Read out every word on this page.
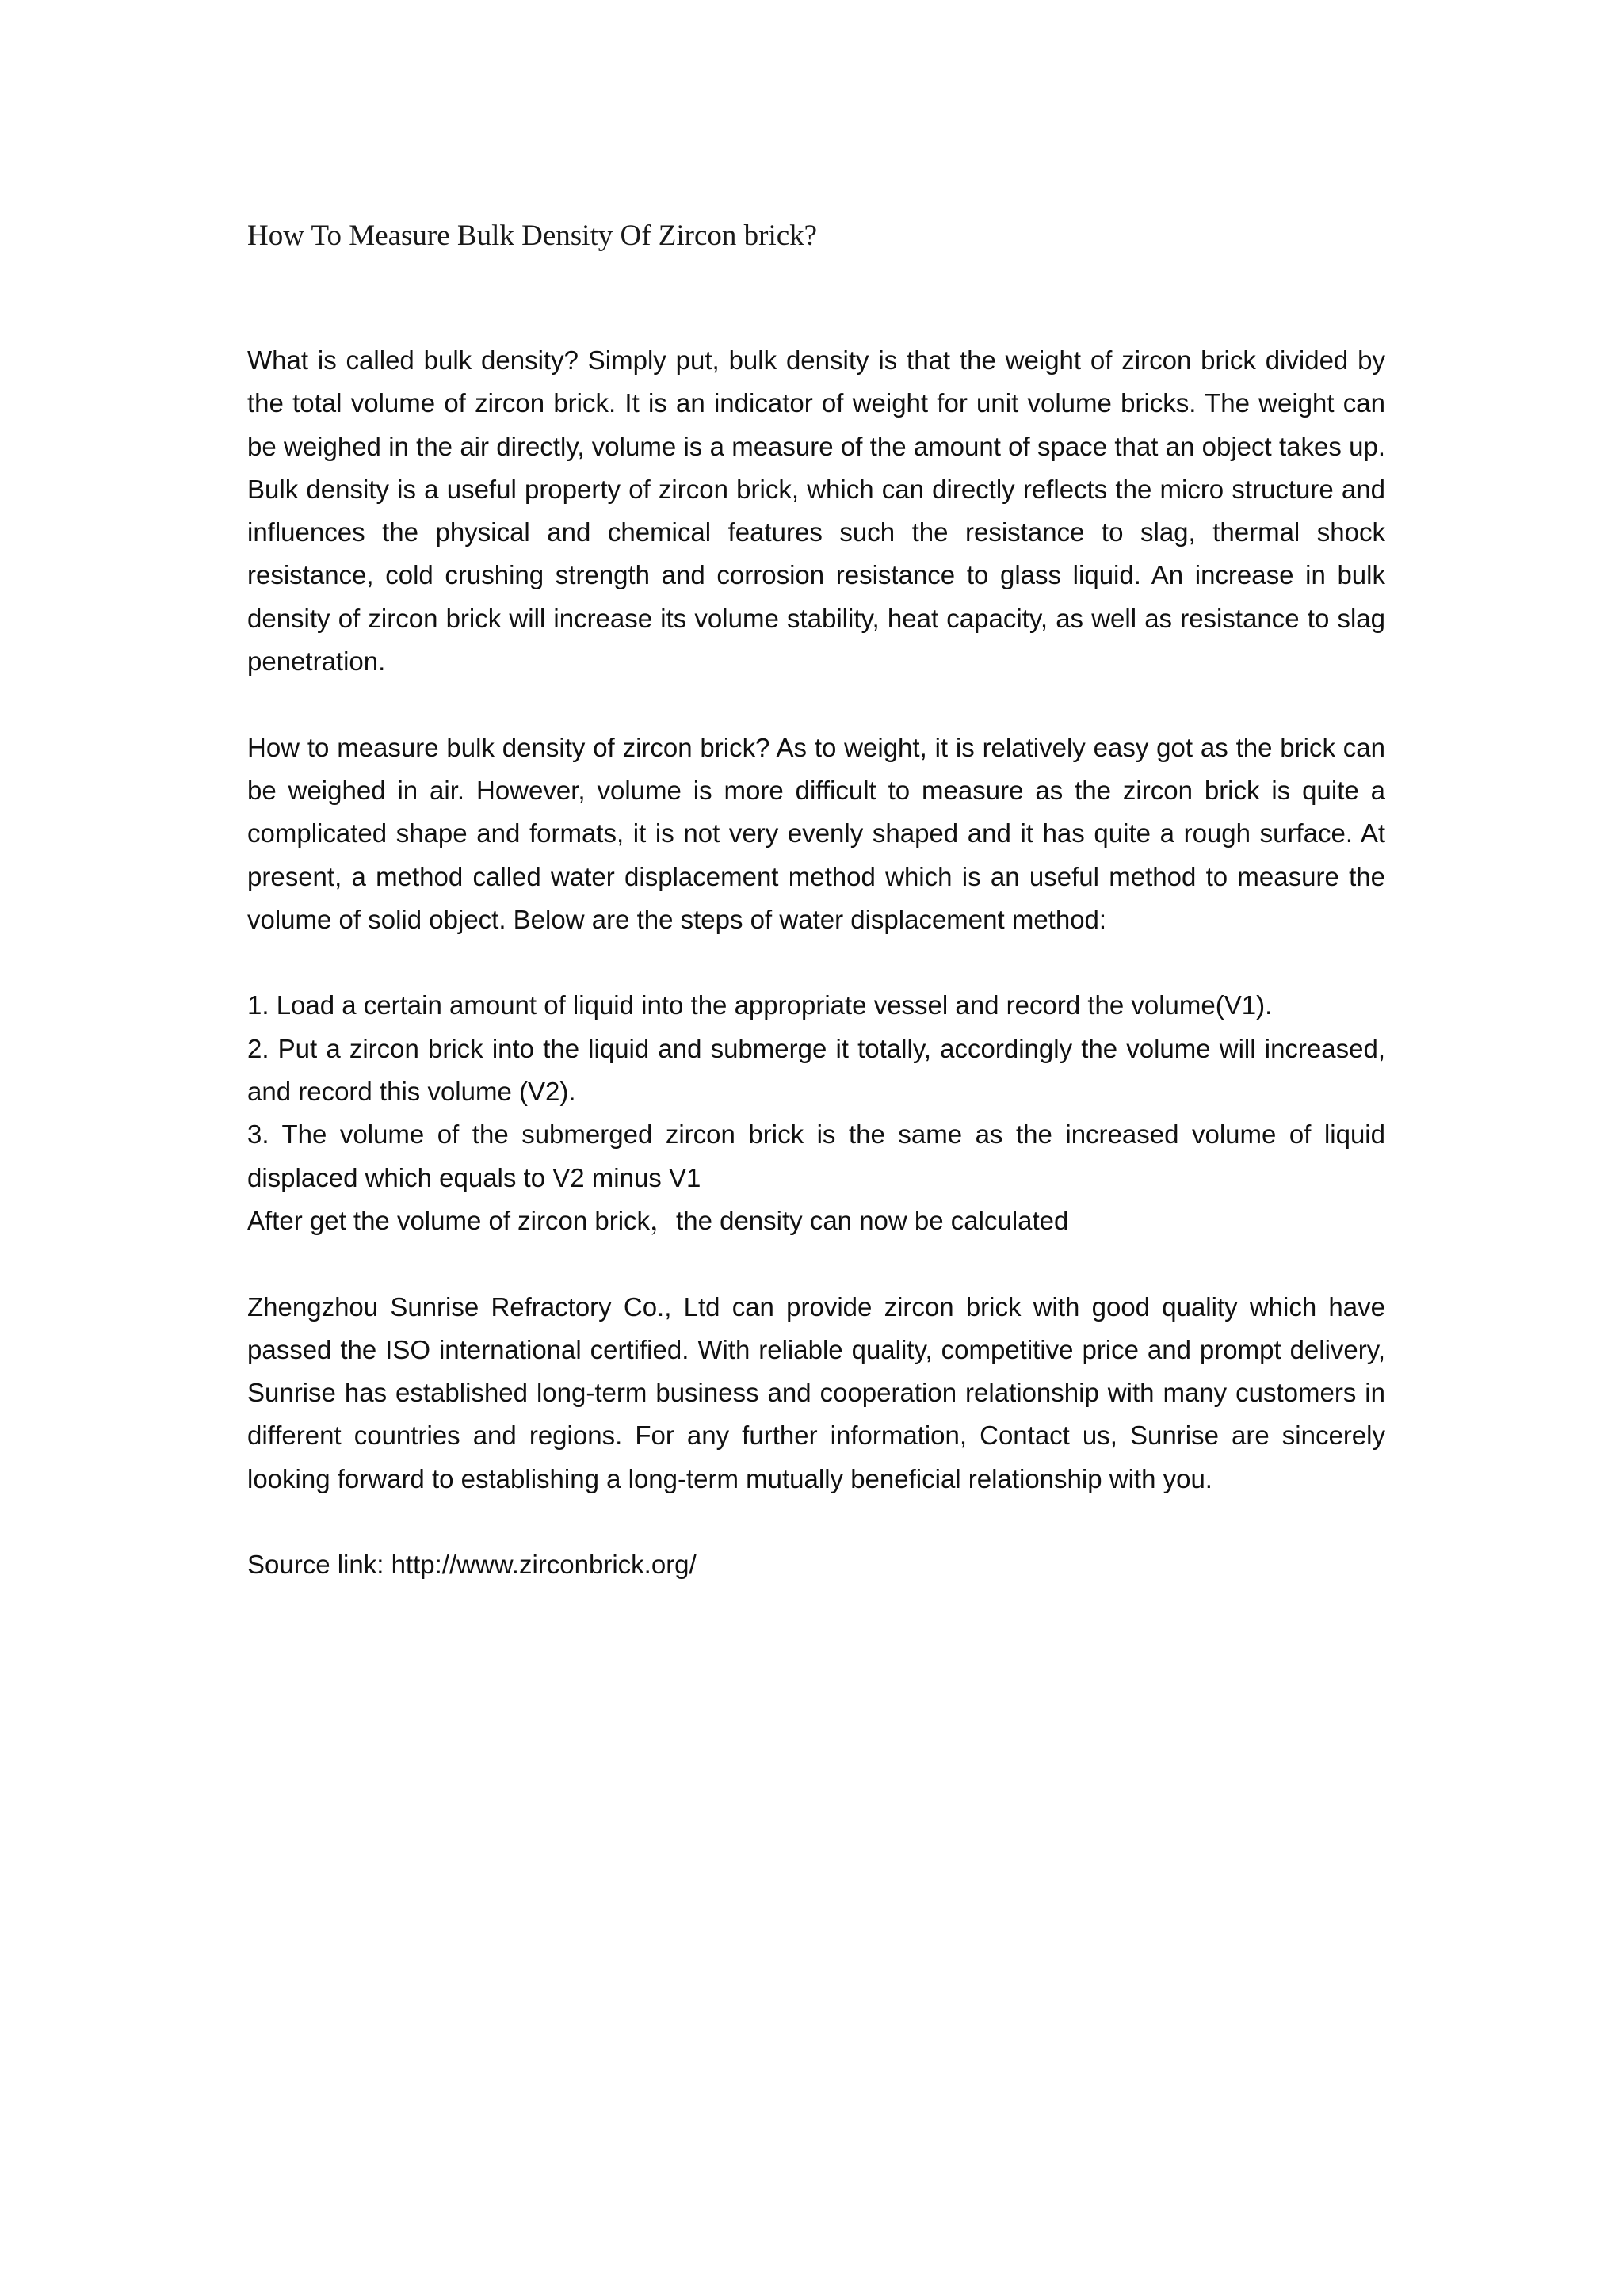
How To Measure Bulk Density Of Zircon brick?

What is called bulk density? Simply put, bulk density is that the weight of zircon brick divided by the total volume of zircon brick. It is an indicator of weight for unit volume bricks. The weight can be weighed in the air directly, volume is a measure of the amount of space that an object takes up. Bulk density is a useful property of zircon brick, which can directly reflects the micro structure and influences the physical and chemical features such the resistance to slag, thermal shock resistance, cold crushing strength and corrosion resistance to glass liquid. An increase in bulk density of zircon brick will increase its volume stability, heat capacity, as well as resistance to slag penetration.

How to measure bulk density of zircon brick? As to weight, it is relatively easy got as the brick can be weighed in air. However, volume is more difficult to measure as the zircon brick is quite a complicated shape and formats, it is not very evenly shaped and it has quite a rough surface. At present, a method called water displacement method which is an useful method to measure the volume of solid object. Below are the steps of water displacement method:

1. Load a certain amount of liquid into the appropriate vessel and record the volume(V1).

2. Put a zircon brick into the liquid and submerge it totally, accordingly the volume will increased, and record this volume (V2).

3. The volume of the submerged zircon brick is the same as the increased volume of liquid displaced which equals to V2 minus V1

After get the volume of zircon brick，the density can now be calculated

Zhengzhou Sunrise Refractory Co., Ltd can provide zircon brick with good quality which have passed the ISO international certified. With reliable quality, competitive price and prompt delivery, Sunrise has established long-term business and cooperation relationship with many customers in different countries and regions. For any further information, Contact us, Sunrise are sincerely looking forward to establishing a long-term mutually beneficial relationship with you.

Source link: http://www.zirconbrick.org/
